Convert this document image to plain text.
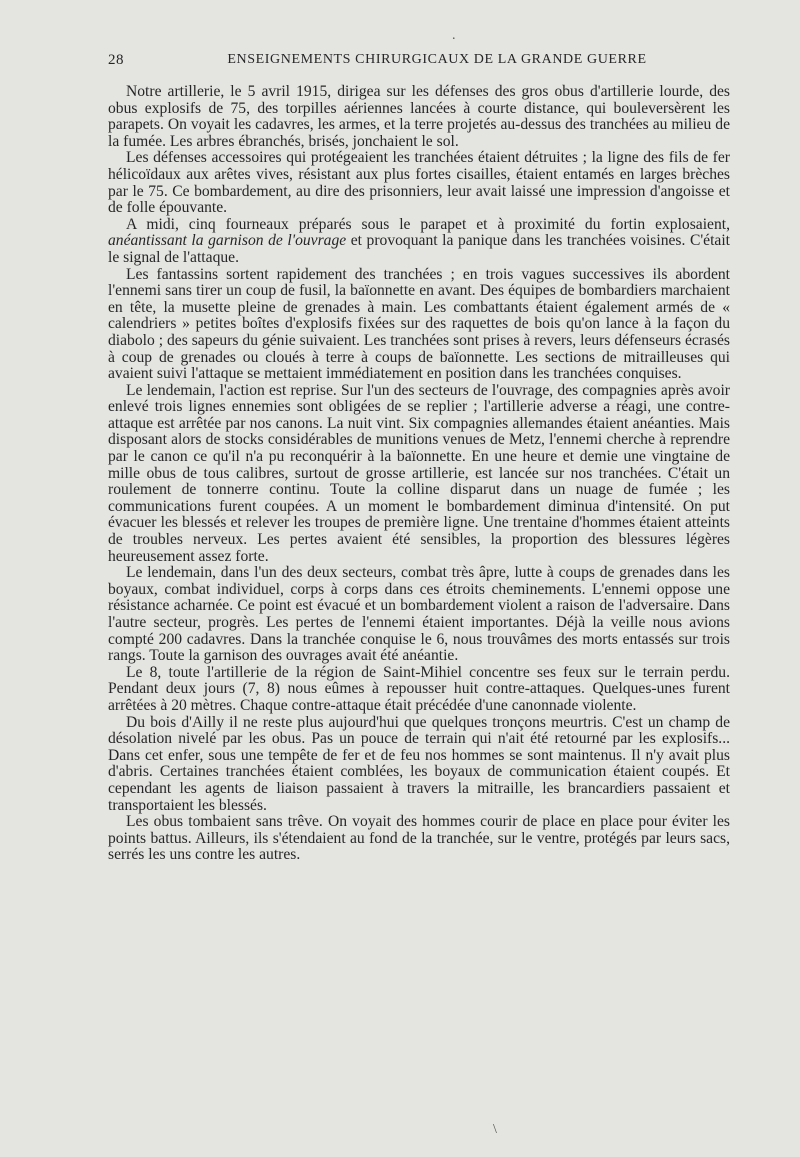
.
28	ENSEIGNEMENTS CHIRURGICAUX DE LA GRANDE GUERRE

Notre artillerie, le 5 avril 1915, dirigea sur les défenses des gros obus d'artillerie lourde, des obus explosifs de 75, des torpilles aériennes lancées à courte distance, qui bouleversèrent les parapets. On voyait les cadavres, les armes, et la terre projetés au-dessus des tranchées au milieu de la fumée. Les arbres ébranchés, brisés, jonchaient le sol.

Les défenses accessoires qui protégeaient les tranchées étaient détruites ; la ligne des fils de fer hélicoïdaux aux arêtes vives, résistant aux plus fortes cisailles, étaient entamés en larges brèches par le 75. Ce bombardement, au dire des prisonniers, leur avait laissé une impression d'angoisse et de folle épouvante.

A midi, cinq fourneaux préparés sous le parapet et à proximité du fortin explosaient, anéantissant la garnison de l'ouvrage et provoquant la panique dans les tranchées voisines. C'était le signal de l'attaque.

Les fantassins sortent rapidement des tranchées ; en trois vagues successives ils abordent l'ennemi sans tirer un coup de fusil, la baïonnette en avant. Des équipes de bombardiers marchaient en tête, la musette pleine de grenades à main. Les combattants étaient également armés de « calendriers » petites boîtes d'explosifs fixées sur des raquettes de bois qu'on lance à la façon du diabolo ; des sapeurs du génie suivaient. Les tranchées sont prises à revers, leurs défenseurs écrasés à coup de grenades ou cloués à terre à coups de baïonnette. Les sections de mitrailleuses qui avaient suivi l'attaque se mettaient immédiatement en position dans les tranchées conquises.

Le lendemain, l'action est reprise. Sur l'un des secteurs de l'ouvrage, des compagnies après avoir enlevé trois lignes ennemies sont obligées de se replier ; l'artillerie adverse a réagi, une contre-attaque est arrêtée par nos canons. La nuit vint. Six compagnies allemandes étaient anéanties. Mais disposant alors de stocks considérables de munitions venues de Metz, l'ennemi cherche à reprendre par le canon ce qu'il n'a pu reconquérir à la baïonnette. En une heure et demie une vingtaine de mille obus de tous calibres, surtout de grosse artillerie, est lancée sur nos tranchées. C'était un roulement de tonnerre continu. Toute la colline disparut dans un nuage de fumée ; les communications furent coupées. A un moment le bombardement diminua d'intensité. On put évacuer les blessés et relever les troupes de première ligne. Une trentaine d'hommes étaient atteints de troubles nerveux. Les pertes avaient été sensibles, la proportion des blessures légères heureusement assez forte.

Le lendemain, dans l'un des deux secteurs, combat très âpre, lutte à coups de grenades dans les boyaux, combat individuel, corps à corps dans ces étroits cheminements. L'ennemi oppose une résistance acharnée. Ce point est évacué et un bombardement violent a raison de l'adversaire. Dans l'autre secteur, progrès. Les pertes de l'ennemi étaient importantes. Déjà la veille nous avions compté 200 cadavres. Dans la tranchée conquise le 6, nous trouvâmes des morts entassés sur trois rangs. Toute la garnison des ouvrages avait été anéantie.

Le 8, toute l'artillerie de la région de Saint-Mihiel concentre ses feux sur le terrain perdu. Pendant deux jours (7, 8) nous eûmes à repousser huit contre-attaques. Quelques-unes furent arrêtées à 20 mètres. Chaque contre-attaque était précédée d'une canonnade violente.

Du bois d'Ailly il ne reste plus aujourd'hui que quelques tronçons meurtris. C'est un champ de désolation nivelé par les obus. Pas un pouce de terrain qui n'ait été retourné par les explosifs... Dans cet enfer, sous une tempête de fer et de feu nos hommes se sont maintenus. Il n'y avait plus d'abris. Certaines tranchées étaient comblées, les boyaux de communication étaient coupés. Et cependant les agents de liaison passaient à travers la mitraille, les brancardiers passaient et transportaient les blessés.

Les obus tombaient sans trêve. On voyait des hommes courir de place en place pour éviter les points battus. Ailleurs, ils s'étendaient au fond de la tranchée, sur le ventre, protégés par leurs sacs, serrés les uns contre les autres.

\
